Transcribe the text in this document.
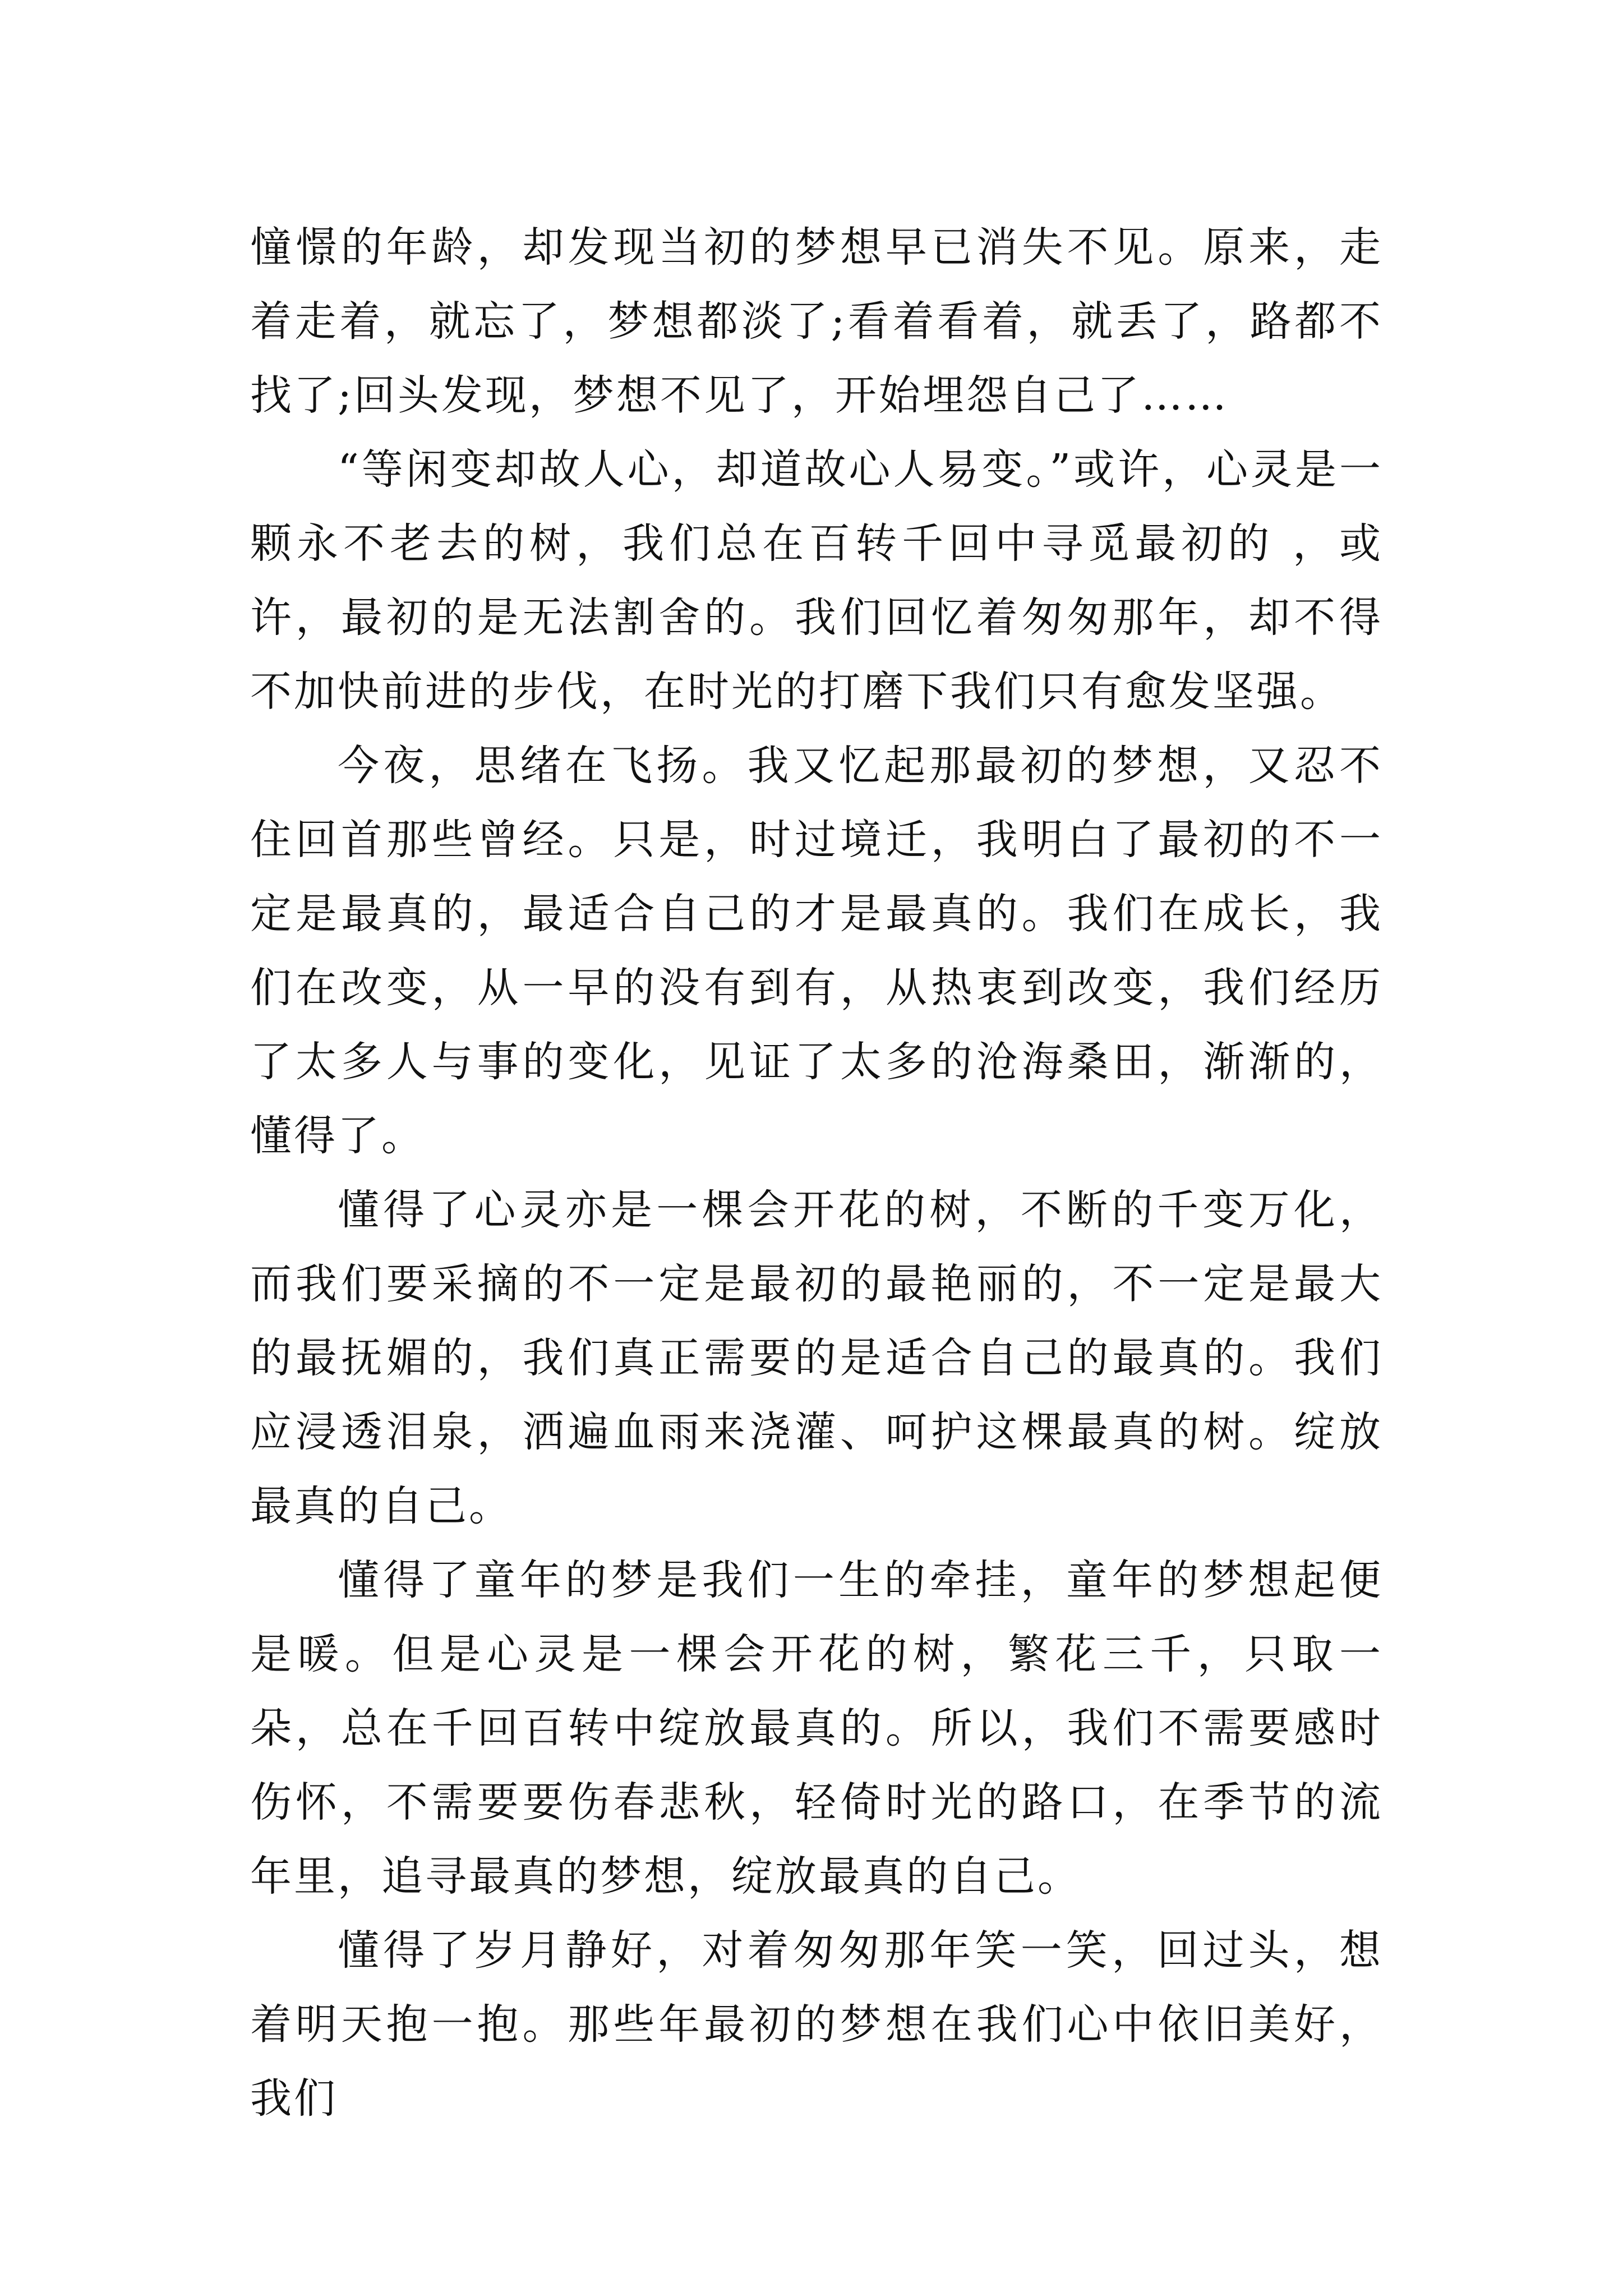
憧憬的年龄，却发现当初的梦想早已消失不见。原来，走着走着，就忘了，梦想都淡了;看着看着，就丢了，路都不找了;回头发现，梦想不见了，开始埋怨自己了……

“等闲变却故人心，却道故心人易变。”或许，心灵是一颗永不老去的树，我们总在百转千回中寻觅最初的 ，或许，最初的是无法割舍的。我们回忆着匆匆那年，却不得不加快前进的步伐，在时光的打磨下我们只有愈发坚强。

今夜，思绪在飞扬。我又忆起那最初的梦想，又忍不住回首那些曾经。只是，时过境迁，我明白了最初的不一定是最真的，最适合自己的才是最真的。我们在成长，我们在改变，从一早的没有到有，从热衷到改变，我们经历了太多人与事的变化，见证了太多的沧海桑田，渐渐的，懂得了。

懂得了心灵亦是一棵会开花的树，不断的千变万化，而我们要采摘的不一定是最初的最艳丽的，不一定是最大的最抚媚的，我们真正需要的是适合自己的最真的。我们应浸透泪泉，洒遍血雨来浇灌、呵护这棵最真的树。绽放最真的自己。

懂得了童年的梦是我们一生的牵挂，童年的梦想起便是暖。但是心灵是一棵会开花的树，繁花三千，只取一朵，总在千回百转中绽放最真的。所以，我们不需要感时伤怀，不需要要伤春悲秋，轻倚时光的路口，在季节的流年里，追寻最真的梦想，绽放最真的自己。

懂得了岁月静好，对着匆匆那年笑一笑，回过头，想着明天抱一抱。那些年最初的梦想在我们心中依旧美好，我们
